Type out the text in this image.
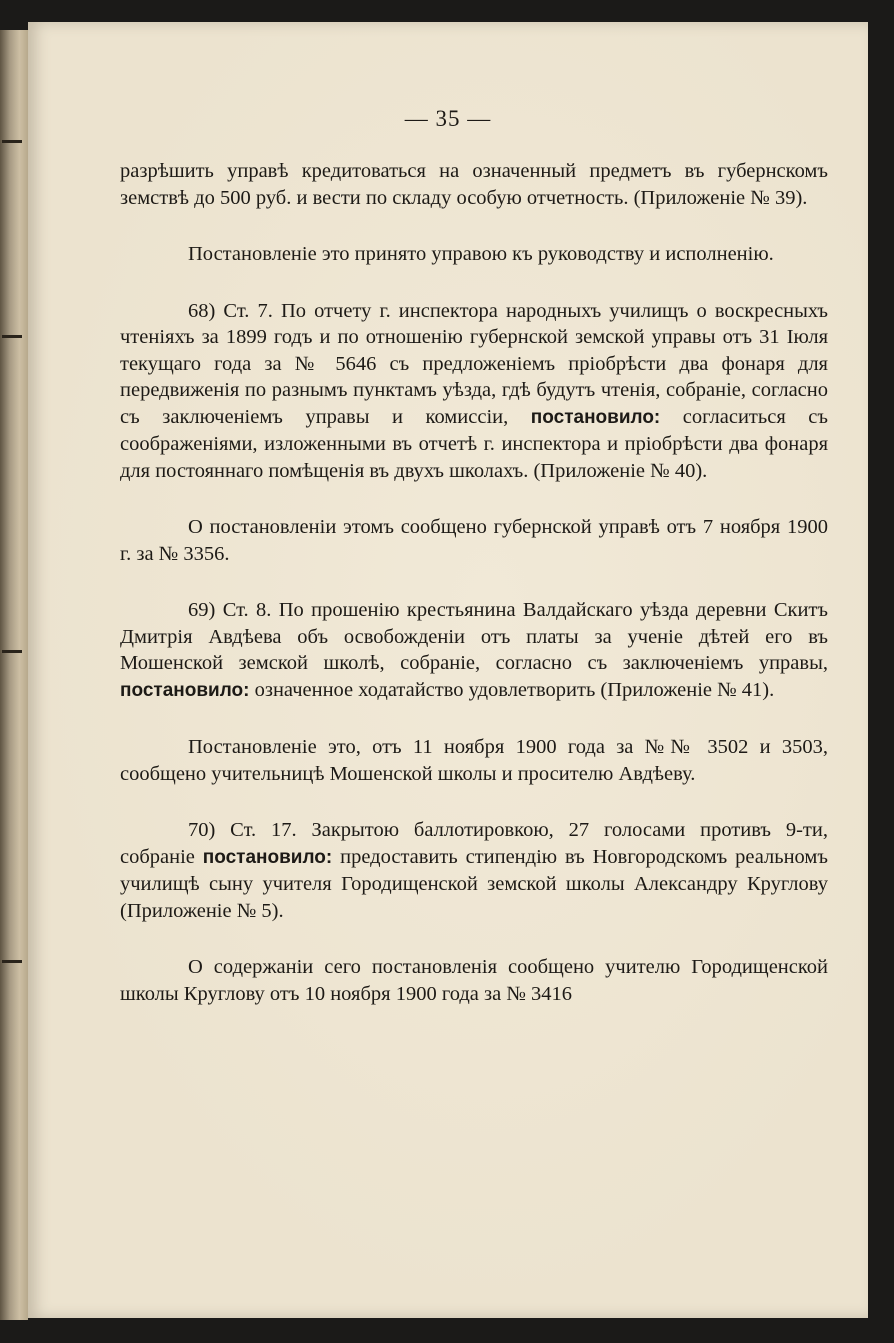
— 35 —

разрѣшить управѣ кредитоваться на означенный предметъ въ губернскомъ земствѣ до 500 руб. и вести по складу особую отчетность. (Приложеніе № 39).

Постановленіе это принято управою къ руководству и исполненію.

68) Ст. 7. По отчету г. инспектора народныхъ училищъ о воскресныхъ чтеніяхъ за 1899 годъ и по отношенію губернской земской управы отъ 31 Іюля текущаго года за № 5646 съ предложеніемъ пріобрѣсти два фонаря для передвиженія по разнымъ пунктамъ уѣзда, гдѣ будутъ чтенія, собраніе, согласно съ заключеніемъ управы и комиссіи, постановило: согласиться съ соображеніями, изложенными въ отчетѣ г. инспектора и пріобрѣсти два фонаря для постояннаго помѣщенія въ двухъ школахъ. (Приложеніе № 40).

О постановленіи этомъ сообщено губернской управѣ отъ 7 ноября 1900 г. за № 3356.

69) Ст. 8. По прошенію крестьянина Валдайскаго уѣзда деревни Скитъ Дмитрія Авдѣева объ освобожденіи отъ платы за ученіе дѣтей его въ Мошенской земской школѣ, собраніе, согласно съ заключеніемъ управы, постановило: означенное ходатайство удовлетворить (Приложеніе № 41).

Постановленіе это, отъ 11 ноября 1900 года за №№ 3502 и 3503, сообщено учительницѣ Мошенской школы и просителю Авдѣеву.

70) Ст. 17. Закрытою баллотировкою, 27 голосами противъ 9-ти, собраніе постановило: предоставить стипендію въ Новгородскомъ реальномъ училищѣ сыну учителя Городищенской земской школы Александру Круглову (Приложеніе № 5).

О содержаніи сего постановленія сообщено учителю Городищенской школы Круглову отъ 10 ноября 1900 года за № 3416
